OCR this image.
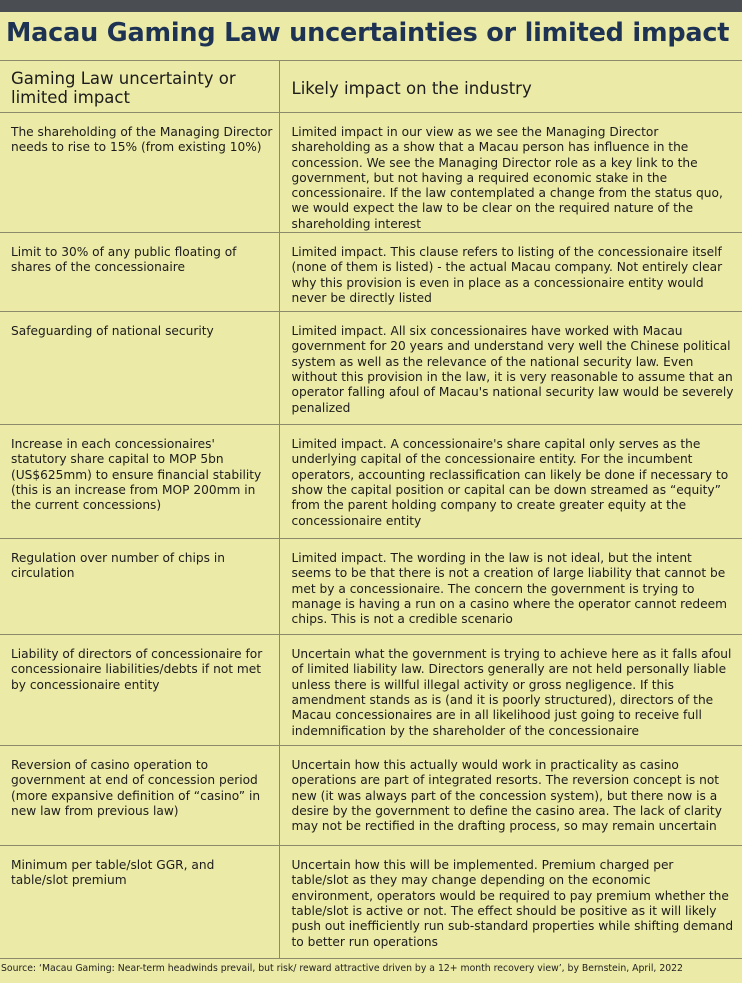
Macau Gaming Law uncertainties or limited impact
Gaming Law uncertainty or limited impact	Likely impact on the industry
The shareholding of the Managing Director needs to rise to 15% (from existing 10%)	Limited impact in our view as we see the Managing Director shareholding as a show that a Macau person has influence in the concession. We see the Managing Director role as a key link to the government, but not having a required economic stake in the concessionaire. If the law contemplated a change from the status quo, we would expect the law to be clear on the required nature of the shareholding interest
Limit to 30% of any public floating of shares of the concessionaire	Limited impact. This clause refers to listing of the concessionaire itself (none of them is listed) - the actual Macau company. Not entirely clear why this provision is even in place as a concessionaire entity would never be directly listed
Safeguarding of national security	Limited impact. All six concessionaires have worked with Macau government for 20 years and understand very well the Chinese political system as well as the relevance of the national security law. Even without this provision in the law, it is very reasonable to assume that an operator falling afoul of Macau's national security law would be severely penalized
Increase in each concessionaires' statutory share capital to MOP 5bn (US$625mm) to ensure financial stability (this is an increase from MOP 200mm in the current concessions)	Limited impact. A concessionaire's share capital only serves as the underlying capital of the concessionaire entity. For the incumbent operators, accounting reclassification can likely be done if necessary to show the capital position or capital can be down streamed as “equity” from the parent holding company to create greater equity at the concessionaire entity
Regulation over number of chips in circulation	Limited impact. The wording in the law is not ideal, but the intent seems to be that there is not a creation of large liability that cannot be met by a concessionaire. The concern the government is trying to manage is having a run on a casino where the operator cannot redeem chips. This is not a credible scenario
Liability of directors of concessionaire for concessionaire liabilities/debts if not met by concessionaire entity	Uncertain what the government is trying to achieve here as it falls afoul of limited liability law. Directors generally are not held personally liable unless there is willful illegal activity or gross negligence. If this amendment stands as is (and it is poorly structured), directors of the Macau concessionaires are in all likelihood just going to receive full indemnification by the shareholder of the concessionaire
Reversion of casino operation to government at end of concession period (more expansive definition of “casino” in new law from previous law)	Uncertain how this actually would work in practicality as casino operations are part of integrated resorts. The reversion concept is not new (it was always part of the concession system), but there now is a desire by the government to define the casino area. The lack of clarity may not be rectified in the drafting process, so may remain uncertain
Minimum per table/slot GGR, and table/slot premium	Uncertain how this will be implemented. Premium charged per table/slot as they may change depending on the economic environment, operators would be required to pay premium whether the table/slot is active or not. The effect should be positive as it will likely push out inefficiently run sub-standard properties while shifting demand to better run operations
Source: ‘Macau Gaming: Near-term headwinds prevail, but risk/ reward attractive driven by a 12+ month recovery view’, by Bernstein, April, 2022
